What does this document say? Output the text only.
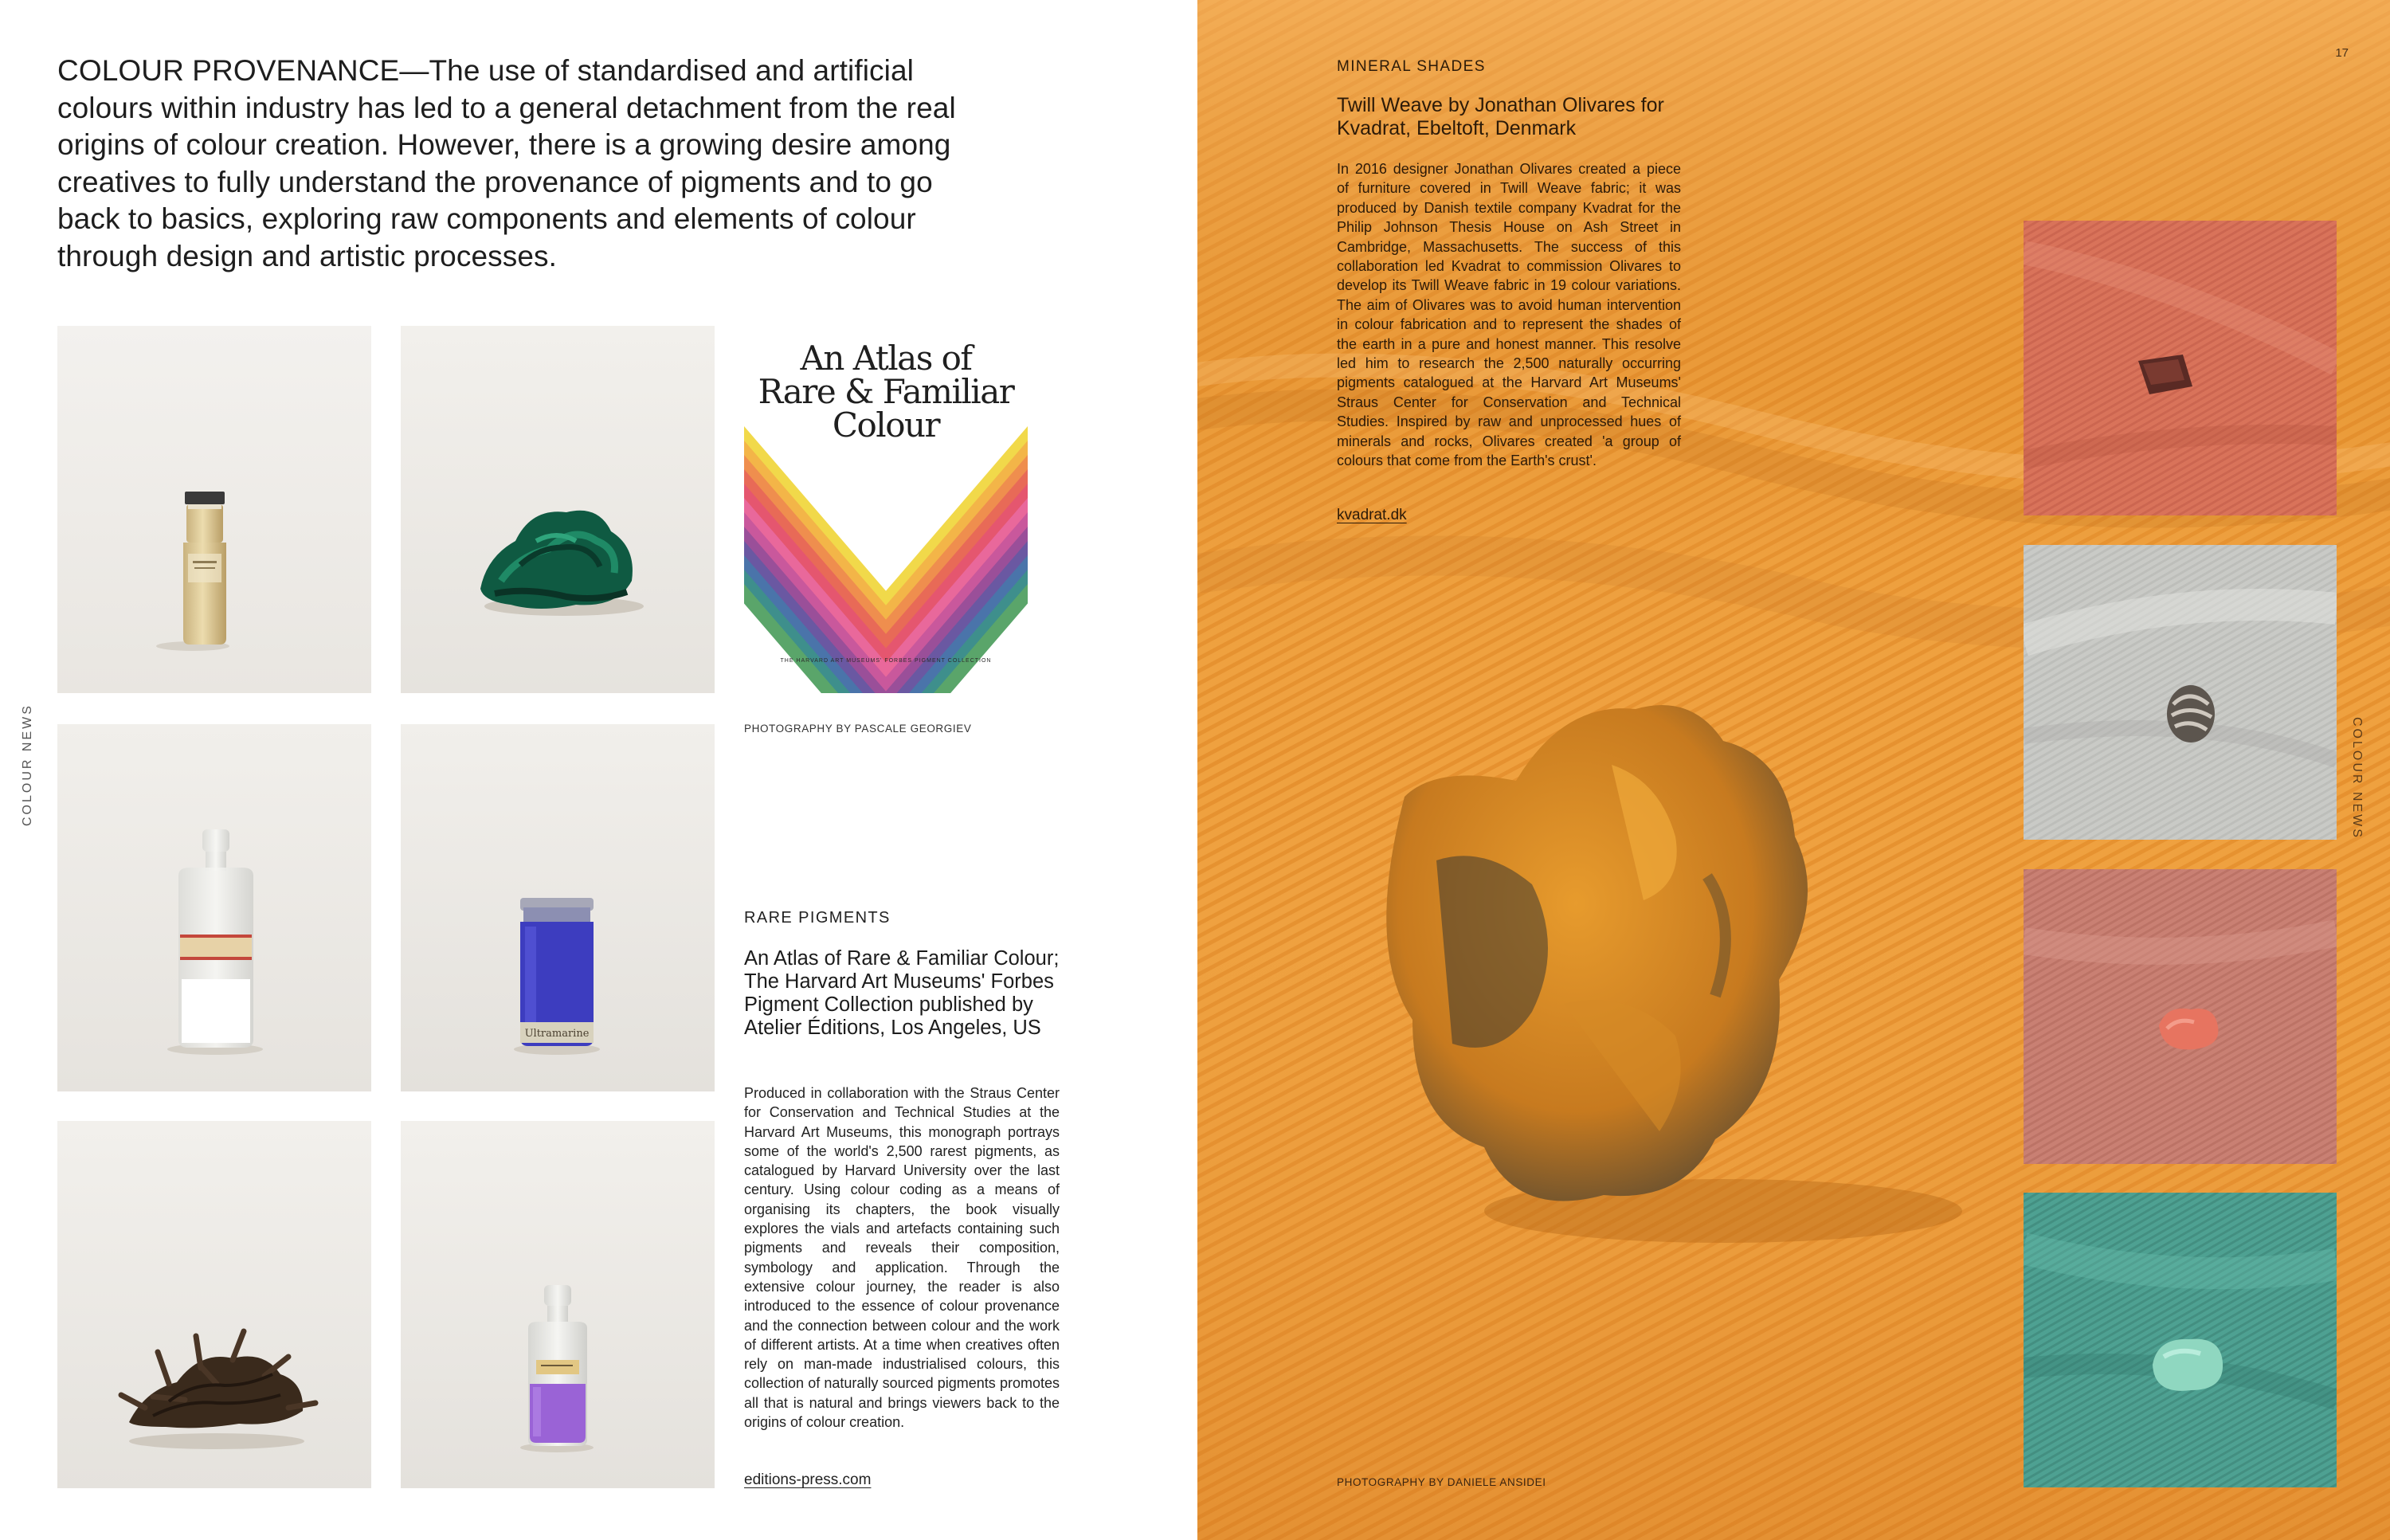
COLOUR PROVENANCE—The use of standardised and artificial colours within industry has led to a general detachment from the real origins of colour creation. However, there is a growing desire among creatives to fully understand the provenance of pigments and to go back to basics, exploring raw components and elements of colour through design and artistic processes.

An Atlas of
Rare & Familiar
Colour
THE HARVARD ART MUSEUMS' FORBES PIGMENT COLLECTION
Ultramarine
PHOTOGRAPHY BY PASCALE GEORGIEV
RARE PIGMENTS
An Atlas of Rare & Familiar Colour; The Harvard Art Museums' Forbes Pigment Collection published by Atelier Éditions, Los Angeles, US

Produced in collaboration with the Straus Center for Conservation and Technical Studies at the Harvard Art Museums, this monograph portrays some of the world's 2,500 rarest pigments, as catalogued by Harvard University over the last century. Using colour coding as a means of organising its chapters, the book visually explores the vials and artefacts containing such pigments and reveals their composition, symbology and application. Through the extensive colour journey, the reader is also introduced to the essence of colour provenance and the connection between colour and the work of different artists. At a time when creatives often rely on man-made industrialised colours, this collection of naturally sourced pigments promotes all that is natural and brings viewers back to the origins of colour creation.

editions-press.com
COLOUR NEWS
17
MINERAL SHADES
Twill Weave by Jonathan Olivares for Kvadrat, Ebeltoft, Denmark

In 2016 designer Jonathan Olivares created a piece of furniture covered in Twill Weave fabric; it was produced by Danish textile company Kvadrat for the Philip Johnson Thesis House on Ash Street in Cambridge, Massachusetts. The success of this collaboration led Kvadrat to commission Olivares to develop its Twill Weave fabric in 19 colour variations. The aim of Olivares was to avoid human intervention in colour fabrication and to represent the shades of the earth in a pure and honest manner. This resolve led him to research the 2,500 naturally occurring pigments catalogued at the Harvard Art Museums' Straus Center for Conservation and Technical Studies. Inspired by raw and unprocessed hues of minerals and rocks, Olivares created 'a group of colours that come from the Earth's crust'.

kvadrat.dk
PHOTOGRAPHY BY DANIELE ANSIDEI
COLOUR NEWS
